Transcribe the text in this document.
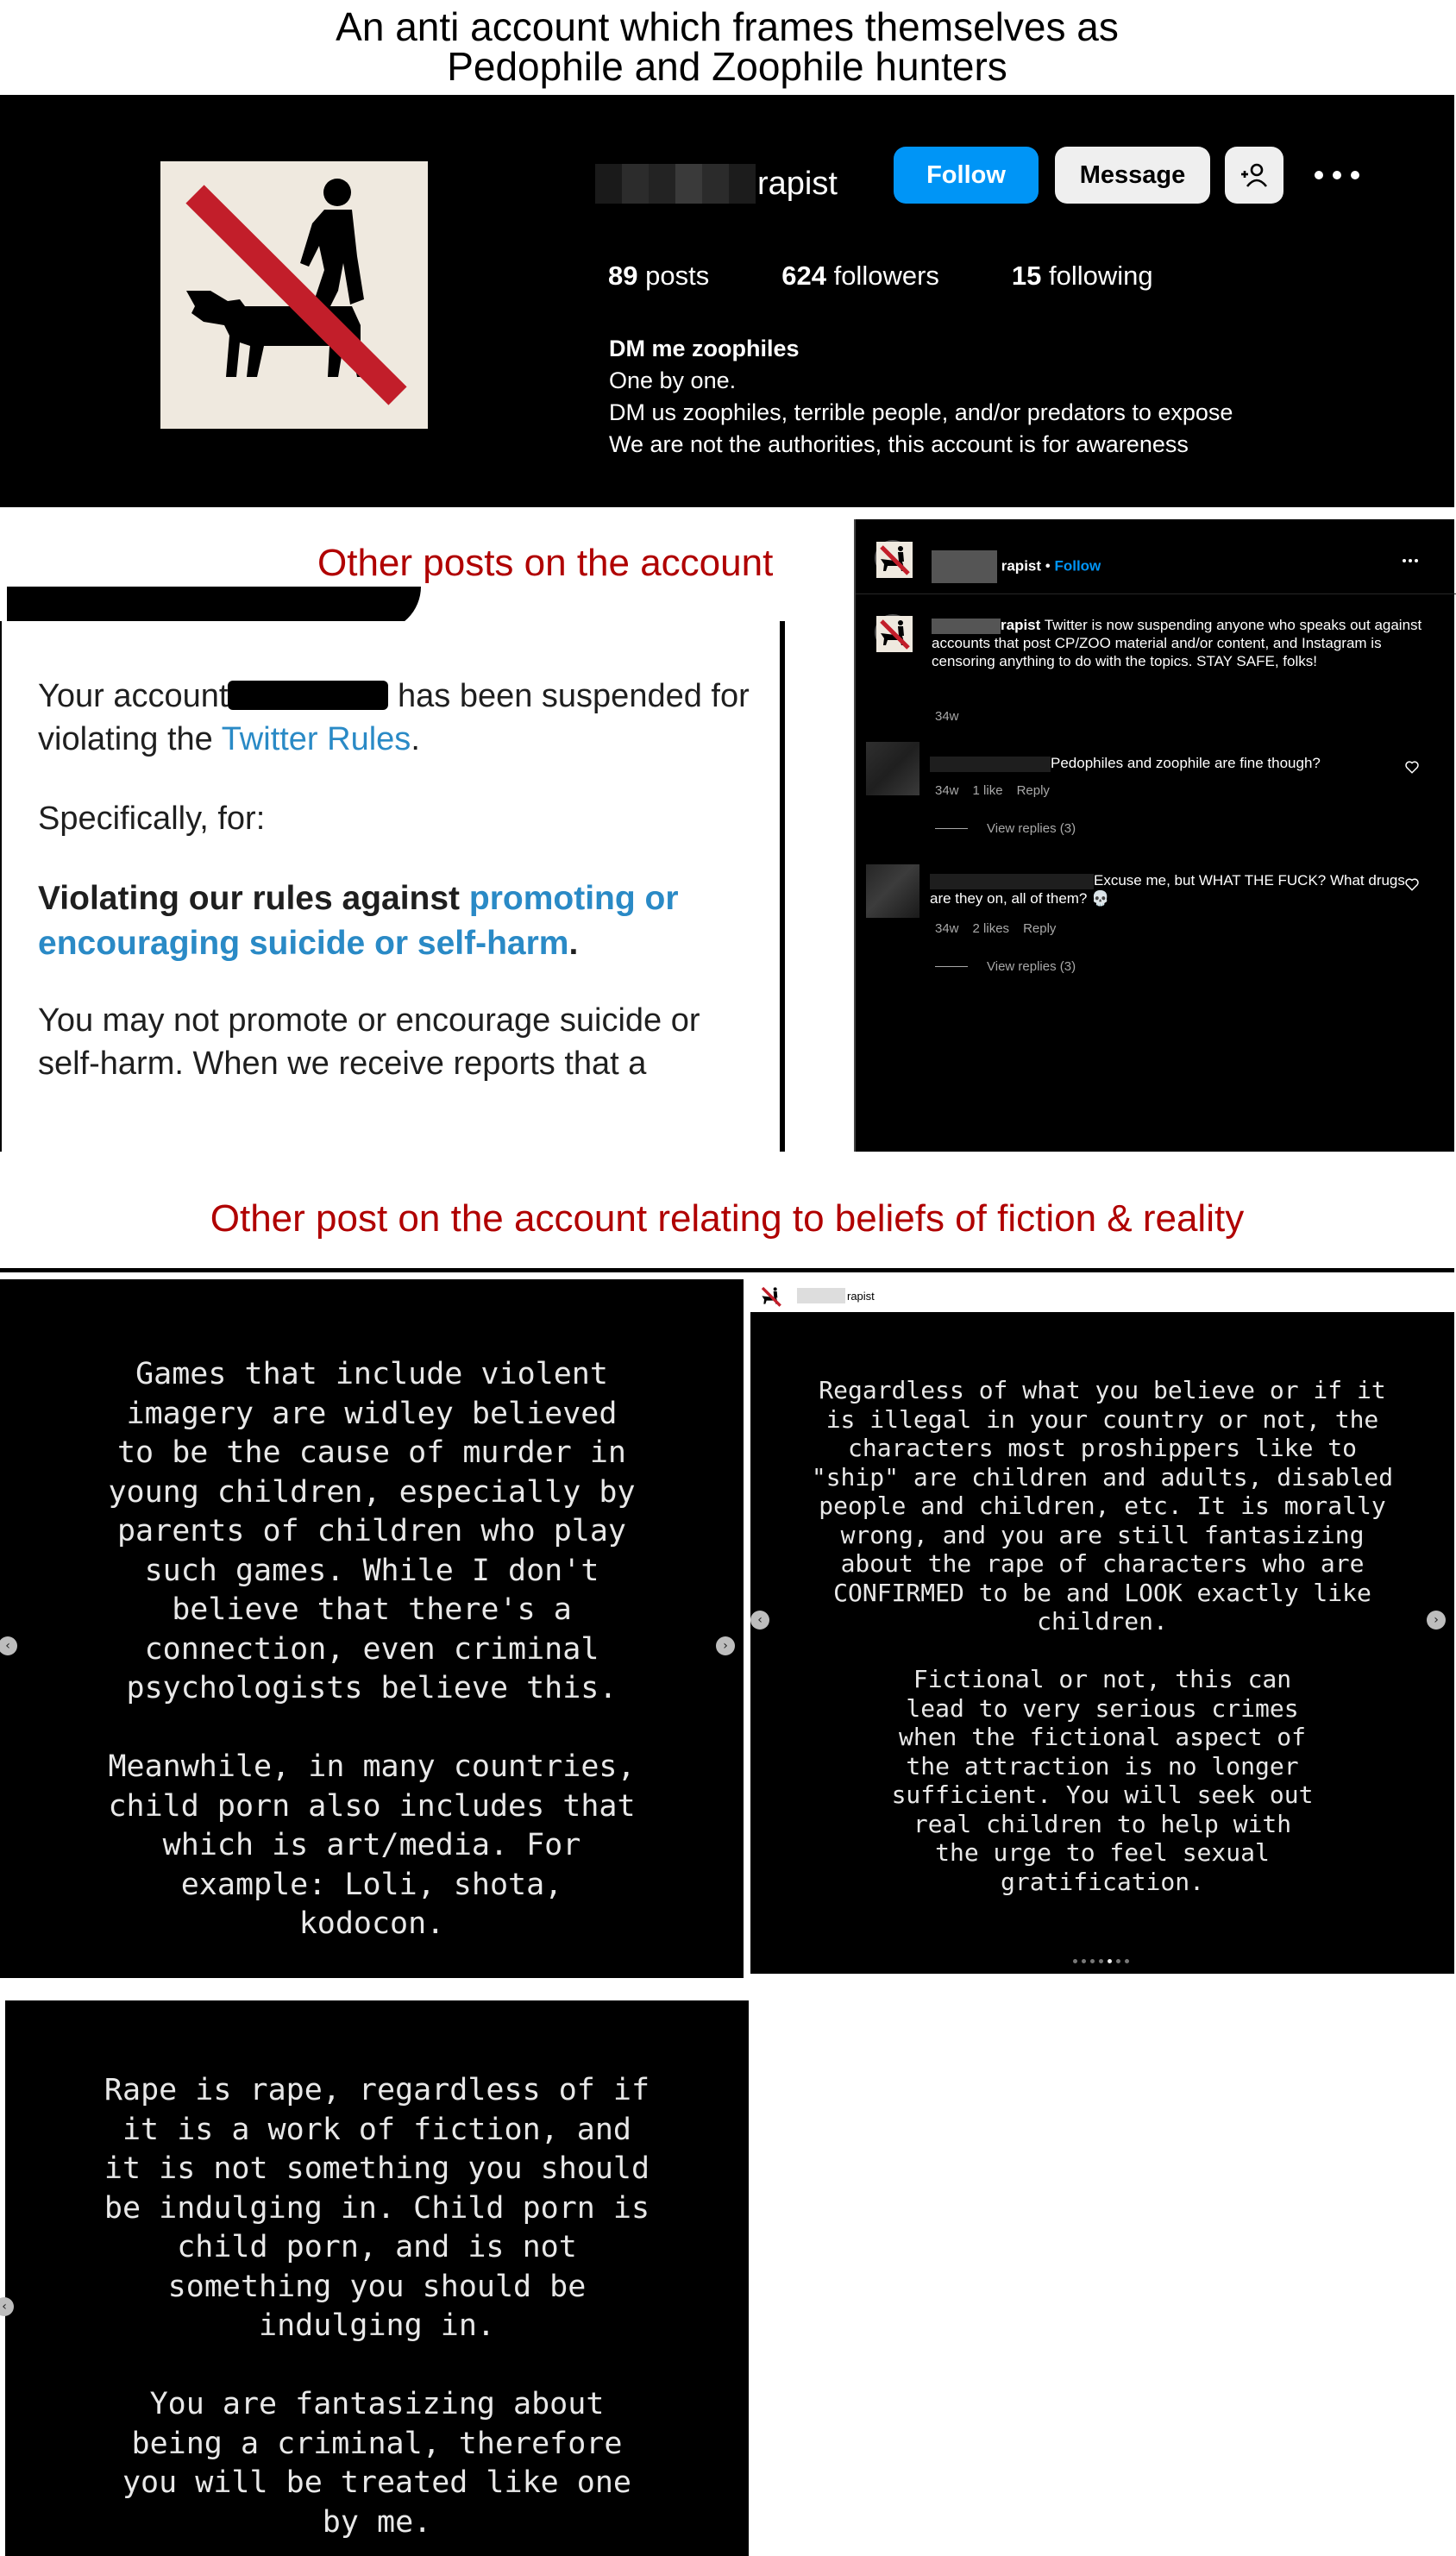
An anti account which frames themselves as
Pedophile and Zoophile hunters
rapist	Follow	Message
89 posts	624 followers	15 following
DM me zoophiles
One by one.
DM us zoophiles, terrible people, and/or predators to expose
We are not the authorities, this account is for awareness
Other posts on the account

Your account	has been suspended for violating the Twitter Rules.

Specifically, for:

Violating our rules against promoting or encouraging suicide or self-harm.

You may not promote or encourage suicide or self-harm. When we receive reports that a

rapist • Follow
rapist Twitter is now suspending anyone who speaks out against accounts that post CP/ZOO material and/or content, and Instagram is censoring anything to do with the topics. STAY SAFE, folks!
34w
Pedophiles and zoophile are fine though?
34w 1 like Reply
View replies (3)
Excuse me, but WHAT THE FUCK? What drugs are they on, all of them? 💀
34w 2 likes Reply
View replies (3)
Other post on the account relating to beliefs of fiction & reality
Games that include violent
imagery are widley believed
to be the cause of murder in
young children, especially by
parents of children who play
such games. While I don't
believe that there's a
connection, even criminal
psychologists believe this.

Meanwhile, in many countries,
child porn also includes that
which is art/media. For
example: Loli, shota,
kodocon.
‹	›
rapist
Regardless of what you believe or if it
is illegal in your country or not, the
characters most proshippers like to
"ship" are children and adults, disabled
people and children, etc. It is morally
wrong, and you are still fantasizing
about the rape of characters who are
CONFIRMED to be and LOOK exactly like
children.

Fictional or not, this can
lead to very serious crimes
when the fictional aspect of
the attraction is no longer
sufficient. You will seek out
real children to help with
the urge to feel sexual
gratification.
‹	›
Rape is rape, regardless of if
it is a work of fiction, and
it is not something you should
be indulging in. Child porn is
child porn, and is not
something you should be
indulging in.

You are fantasizing about
being a criminal, therefore
you will be treated like one
by me.
‹
